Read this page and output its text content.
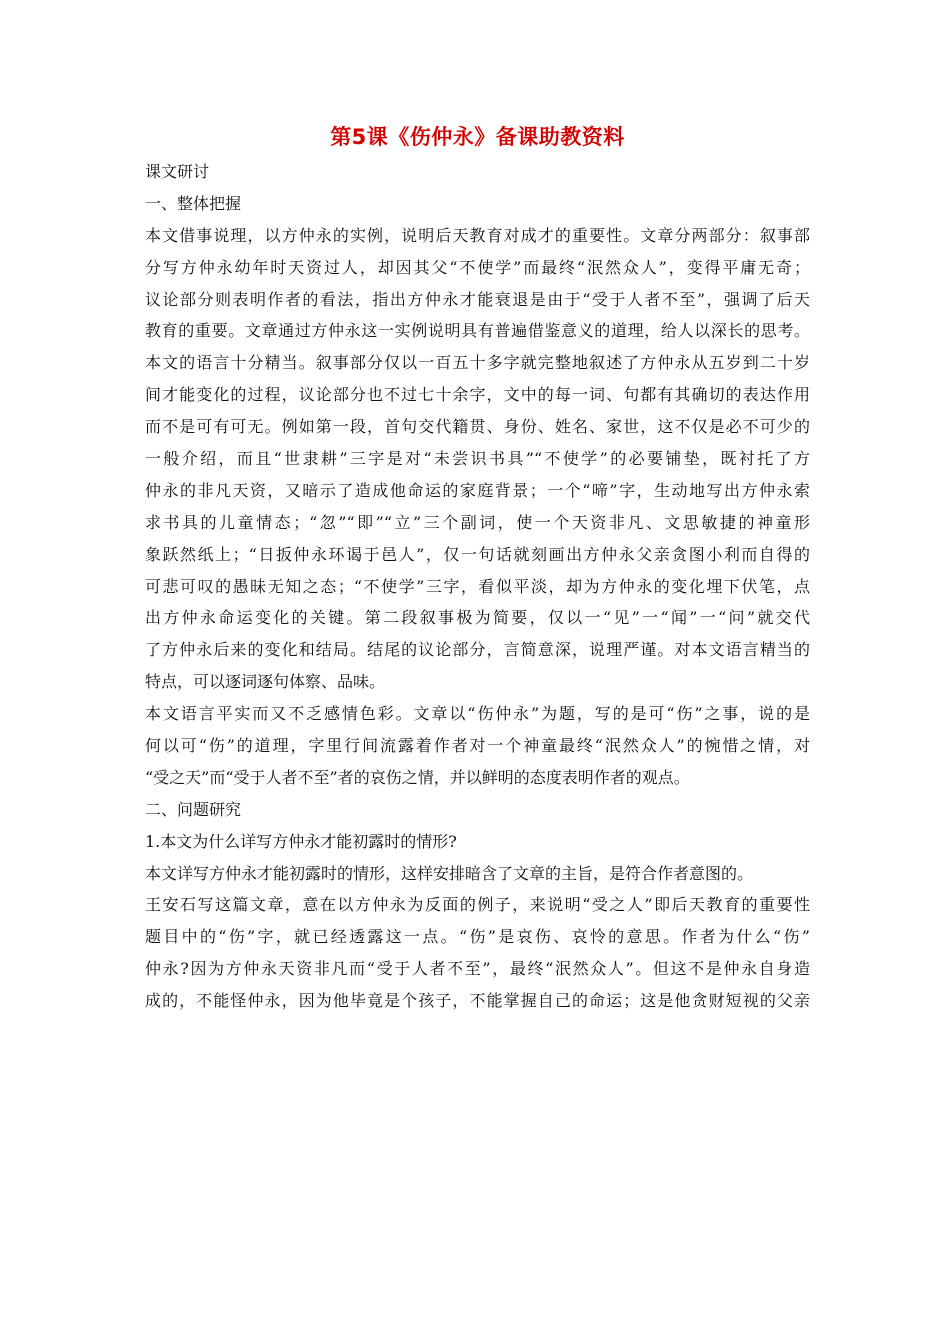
第5课《伤仲永》备课助教资料

课文研讨

一、整体把握

本文借事说理，以方仲永的实例，说明后天教育对成才的重要性。文章分两部分：叙事部

分写方仲永幼年时天资过人，却因其父“不使学”而最终“泯然众人”，变得平庸无奇；

议论部分则表明作者的看法，指出方仲永才能衰退是由于“受于人者不至”，强调了后天

教育的重要。文章通过方仲永这一实例说明具有普遍借鉴意义的道理，给人以深长的思考。

本文的语言十分精当。叙事部分仅以一百五十多字就完整地叙述了方仲永从五岁到二十岁

间才能变化的过程，议论部分也不过七十余字，文中的每一词、句都有其确切的表达作用

而不是可有可无。例如第一段，首句交代籍贯、身份、姓名、家世，这不仅是必不可少的

一般介绍，而且“世隶耕”三字是对“未尝识书具”“不使学”的必要铺垫，既衬托了方

仲永的非凡天资，又暗示了造成他命运的家庭背景；一个“啼”字，生动地写出方仲永索

求书具的儿童情态；“忽”“即”“立”三个副词，使一个天资非凡、文思敏捷的神童形

象跃然纸上；“日扳仲永环谒于邑人”，仅一句话就刻画出方仲永父亲贪图小利而自得的

可悲可叹的愚昧无知之态；“不使学”三字，看似平淡，却为方仲永的变化埋下伏笔，点

出方仲永命运变化的关键。第二段叙事极为简要，仅以一“见”一“闻”一“问”就交代

了方仲永后来的变化和结局。结尾的议论部分，言简意深，说理严谨。对本文语言精当的

特点，可以逐词逐句体察、品味。

本文语言平实而又不乏感情色彩。文章以“伤仲永”为题，写的是可“伤”之事，说的是

何以可“伤”的道理，字里行间流露着作者对一个神童最终“泯然众人”的惋惜之情，对

“受之天”而“受于人者不至”者的哀伤之情，并以鲜明的态度表明作者的观点。

二、问题研究

1.本文为什么详写方仲永才能初露时的情形?

本文详写方仲永才能初露时的情形，这样安排暗含了文章的主旨，是符合作者意图的。

王安石写这篇文章，意在以方仲永为反面的例子，来说明“受之人”即后天教育的重要性

题目中的“伤”字，就已经透露这一点。“伤”是哀伤、哀怜的意思。作者为什么“伤”

仲永?因为方仲永天资非凡而“受于人者不至”，最终“泯然众人”。但这不是仲永自身造

成的，不能怪仲永，因为他毕竟是个孩子，不能掌握自己的命运；这是他贪财短视的父亲
